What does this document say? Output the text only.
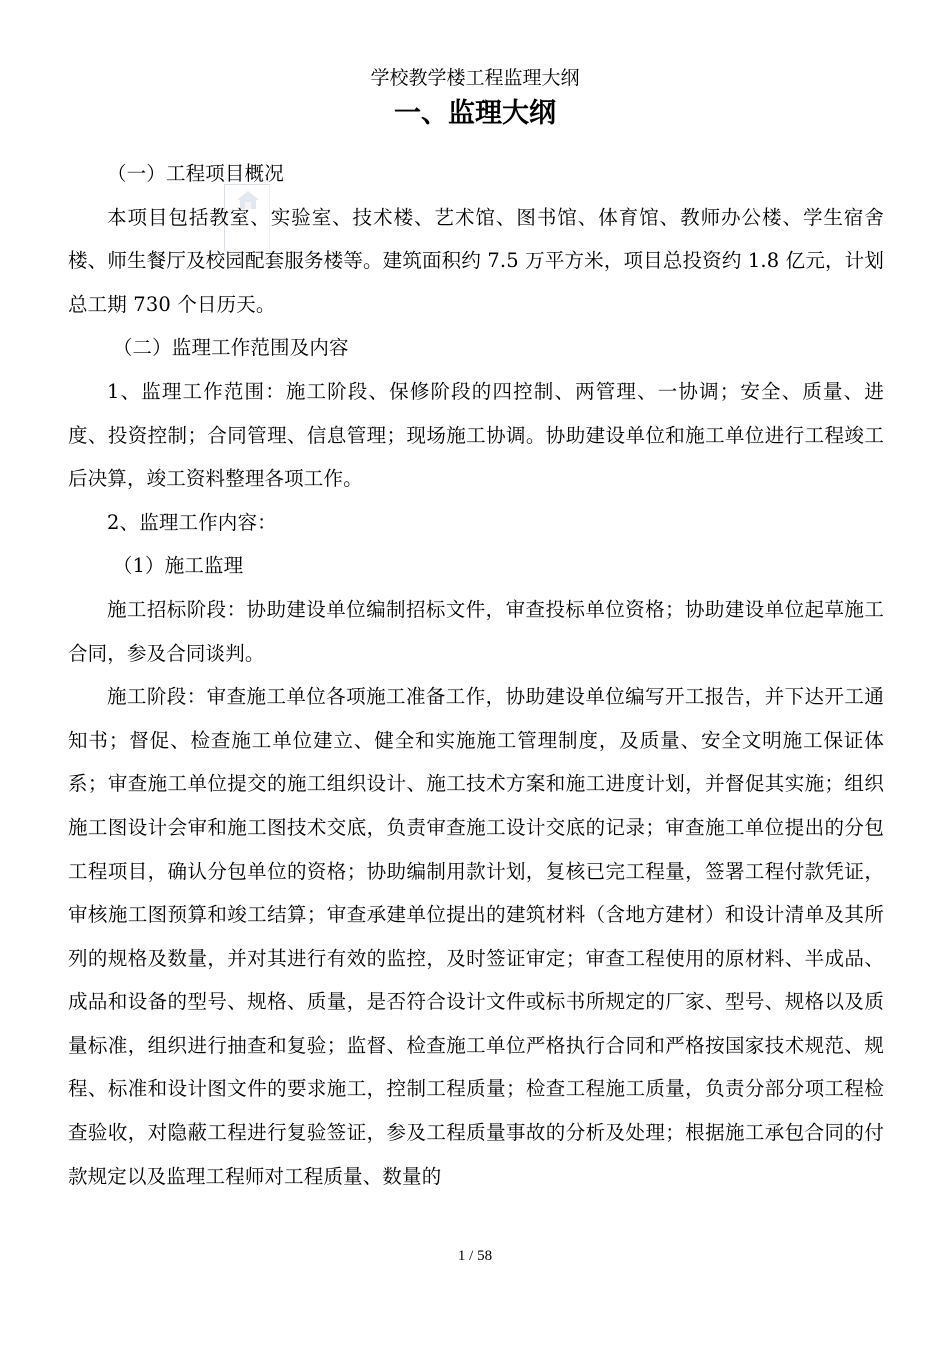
学校教学楼工程监理大纲
一、监理大纲

（一）工程项目概况

本项目包括教室、实验室、技术楼、艺术馆、图书馆、体育馆、教师办公楼、学生宿舍楼、师生餐厅及校园配套服务楼等。建筑面积约 7.5 万平方米，项目总投资约 1.8 亿元，计划总工期 730 个日历天。

（二）监理工作范围及内容

1、监理工作范围：施工阶段、保修阶段的四控制、两管理、一协调；安全、质量、进度、投资控制；合同管理、信息管理；现场施工协调。协助建设单位和施工单位进行工程竣工后决算，竣工资料整理各项工作。

2、监理工作内容：

（1）施工监理

施工招标阶段：协助建设单位编制招标文件，审查投标单位资格；协助建设单位起草施工合同，参及合同谈判。

施工阶段：审查施工单位各项施工准备工作，协助建设单位编写开工报告，并下达开工通知书；督促、检查施工单位建立、健全和实施施工管理制度，及质量、安全文明施工保证体系；审查施工单位提交的施工组织设计、施工技术方案和施工进度计划，并督促其实施；组织施工图设计会审和施工图技术交底，负责审查施工设计交底的记录；审查施工单位提出的分包工程项目，确认分包单位的资格；协助编制用款计划，复核已完工程量，签署工程付款凭证，审核施工图预算和竣工结算；审查承建单位提出的建筑材料（含地方建材）和设计清单及其所列的规格及数量，并对其进行有效的监控，及时签证审定；审查工程使用的原材料、半成品、成品和设备的型号、规格、质量，是否符合设计文件或标书所规定的厂家、型号、规格以及质量标准，组织进行抽查和复验；监督、检查施工单位严格执行合同和严格按国家技术规范、规程、标准和设计图文件的要求施工，控制工程质量；检查工程施工质量，负责分部分项工程检查验收，对隐蔽工程进行复验签证，参及工程质量事故的分析及处理；根据施工承包合同的付款规定以及监理工程师对工程质量、数量的

1 / 58
